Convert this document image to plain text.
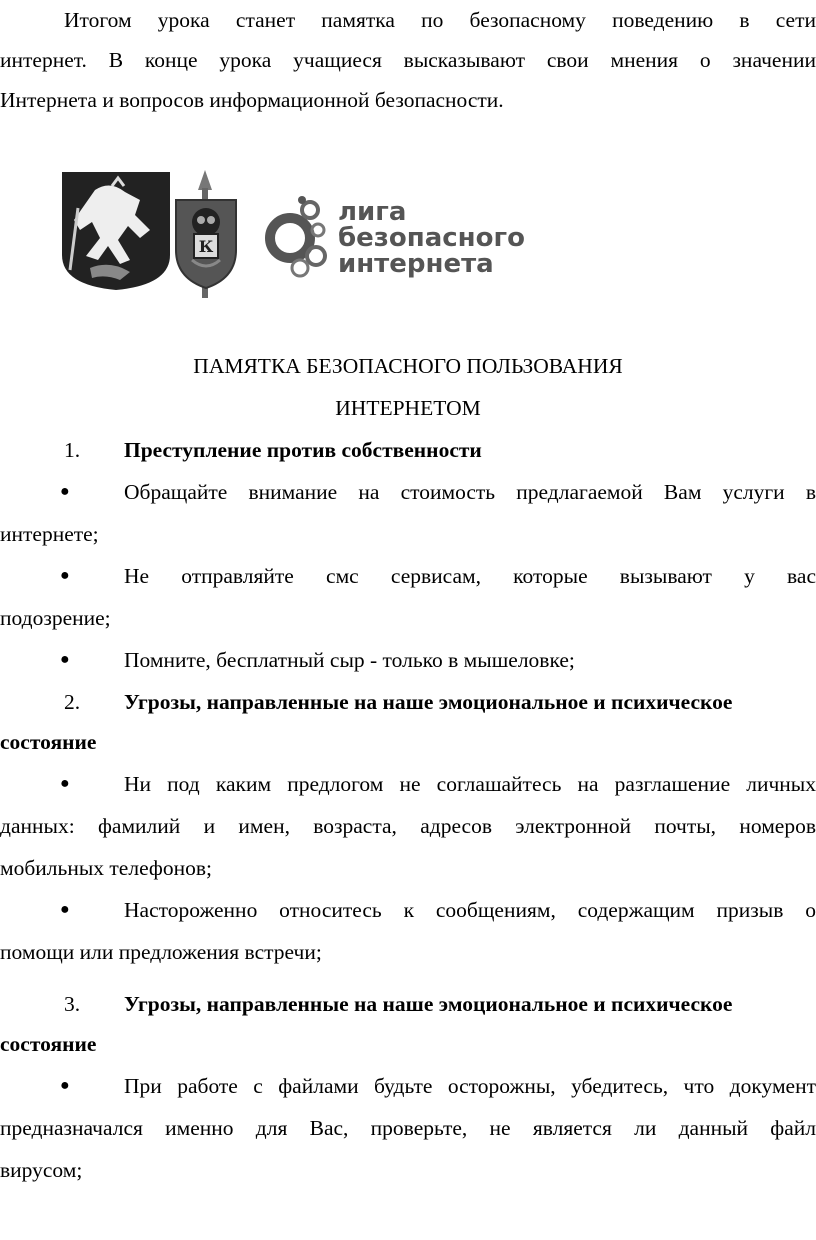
Итогом урока станет памятка по безопасному поведению в сети
интернет. В конце урока учащиеся высказывают свои мнения о значении
Интернета и вопросов информационной безопасности.
К
лига
безопасного
интернета
ПАМЯТКА БЕЗОПАСНОГО ПОЛЬЗОВАНИЯ
ИНТЕРНЕТОМ
1. Преступление против собственности
●	Обращайте внимание на стоимость предлагаемой Вам услуги в
интернете;
●	Не отправляйте смс сервисам, которые вызывают у вас
подозрение;
●	Помните, бесплатный сыр - только в мышеловке;
2. Угрозы, направленные на наше эмоциональное и психическое
состояние
●	Ни под каким предлогом не соглашайтесь на разглашение личных
данных: фамилий и имен, возраста, адресов электронной почты, номеров
мобильных телефонов;
●	Настороженно относитесь к сообщениям, содержащим призыв о
помощи или предложения встречи;
3. Угрозы, направленные на наше эмоциональное и психическое
состояние
●	При работе с файлами будьте осторожны, убедитесь, что документ
предназначался именно для Вас, проверьте, не является ли данный файл
вирусом;
